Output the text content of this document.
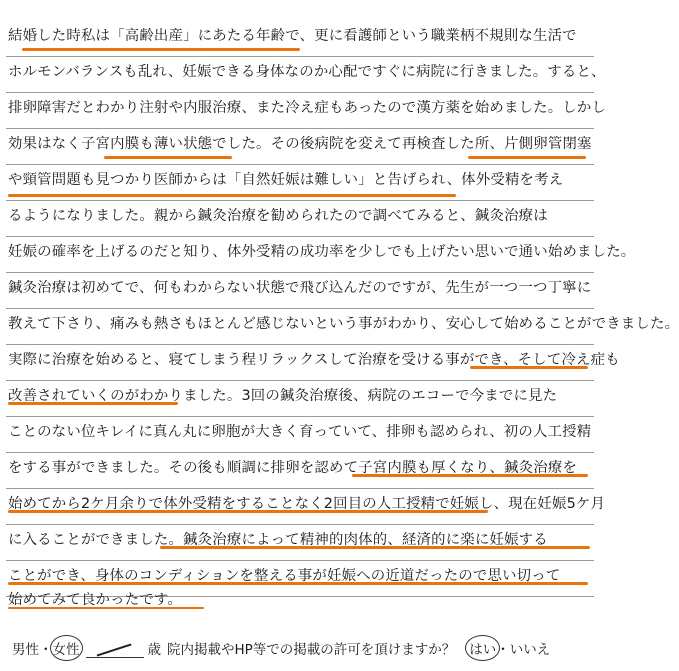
結婚した時私は「高齢出産」にあたる年齢で、更に看護師という職業柄不規則な生活で
ホルモンバランスも乱れ、妊娠できる身体なのか心配ですぐに病院に行きました。すると、
排卵障害だとわかり注射や内服治療、また冷え症もあったので漢方薬を始めました。しかし
効果はなく子宮内膜も薄い状態でした。その後病院を変えて再検査した所、片側卵管閉塞
や頸管問題も見つかり医師からは「自然妊娠は難しい」と告げられ、体外受精を考え
るようになりました。親から鍼灸治療を勧められたので調べてみると、鍼灸治療は
妊娠の確率を上げるのだと知り、体外受精の成功率を少しでも上げたい思いで通い始めました。
鍼灸治療は初めてで、何もわからない状態で飛び込んだのですが、先生が一つ一つ丁寧に
教えて下さり、痛みも熱さもほとんど感じないという事がわかり、安心して始めることができました。
実際に治療を始めると、寝てしまう程リラックスして治療を受ける事ができ、そして冷え症も
改善されていくのがわかりました。3回の鍼灸治療後、病院のエコーで今までに見た
ことのない位キレイに真ん丸に卵胞が大きく育っていて、排卵も認められ、初の人工授精
をする事ができました。その後も順調に排卵を認めて子宮内膜も厚くなり、鍼灸治療を
始めてから2ケ月余りで体外受精をすることなく2回目の人工授精で妊娠し、現在妊娠5ケ月
に入ることができました。鍼灸治療によって精神的肉体的、経済的に楽に妊娠する
ことができ、身体のコンディションを整える事が妊娠への近道だったので思い切って
始めてみて良かったです。
男性・女性	歳 院内掲載やHP等での掲載の許可を頂けますか？ はい・いいえ
